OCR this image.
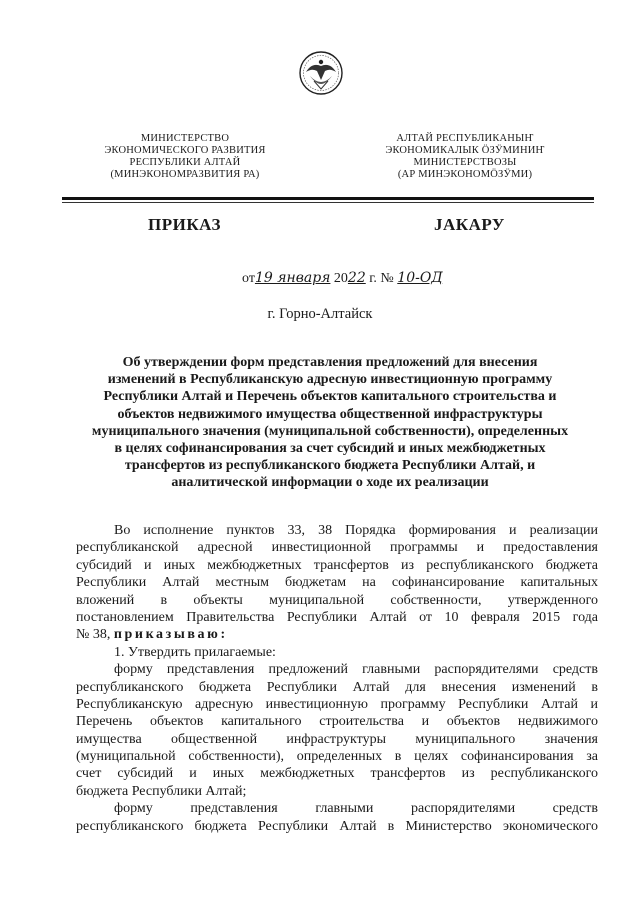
МИНИСТЕРСТВО
ЭКОНОМИЧЕСКОГО РАЗВИТИЯ
РЕСПУБЛИКИ АЛТАЙ
(МИНЭКОНОМРАЗВИТИЯ РА)
АЛТАЙ РЕСПУБЛИКАНЫҤ
ЭКОНОМИКАЛЫК ӦЗӰМИНИҤ
МИНИСТЕРСТВОЗЫ
(АР МИНЭКОНОМӦЗӰМИ)
ПРИКАЗ	JАКАРУ
от19 января 2022 г. № 10-ОД
г. Горно-Алтайск
Об утверждении форм представления предложений для внесения
изменений в Республиканскую адресную инвестиционную программу
Республики Алтай и Перечень объектов капитального строительства и
объектов недвижимого имущества общественной инфраструктуры
муниципального значения (муниципальной собственности), определенных
в целях софинансирования за счет субсидий и иных межбюджетных
трансфертов из республиканского бюджета Республики Алтай, и
аналитической информации о ходе их реализации
Во исполнение пунктов 33, 38 Порядка формирования и реализации
республиканской адресной инвестиционной программы и предоставления
субсидий и иных межбюджетных трансфертов из республиканского бюджета
Республики Алтай местным бюджетам на софинансирование капитальных
вложений в объекты муниципальной собственности, утвержденного
постановлением Правительства Республики Алтай от 10 февраля 2015 года
№ 38, приказываю:
1. Утвердить прилагаемые:
форму представления предложений главными распорядителями средств
республиканского бюджета Республики Алтай для внесения изменений в
Республиканскую адресную инвестиционную программу Республики Алтай и
Перечень объектов капитального строительства и объектов недвижимого
имущества общественной инфраструктуры муниципального значения
(муниципальной собственности), определенных в целях софинансирования за
счет субсидий и иных межбюджетных трансфертов из республиканского
бюджета Республики Алтай;
форму представления главными распорядителями средств
республиканского бюджета Республики Алтай в Министерство экономического
